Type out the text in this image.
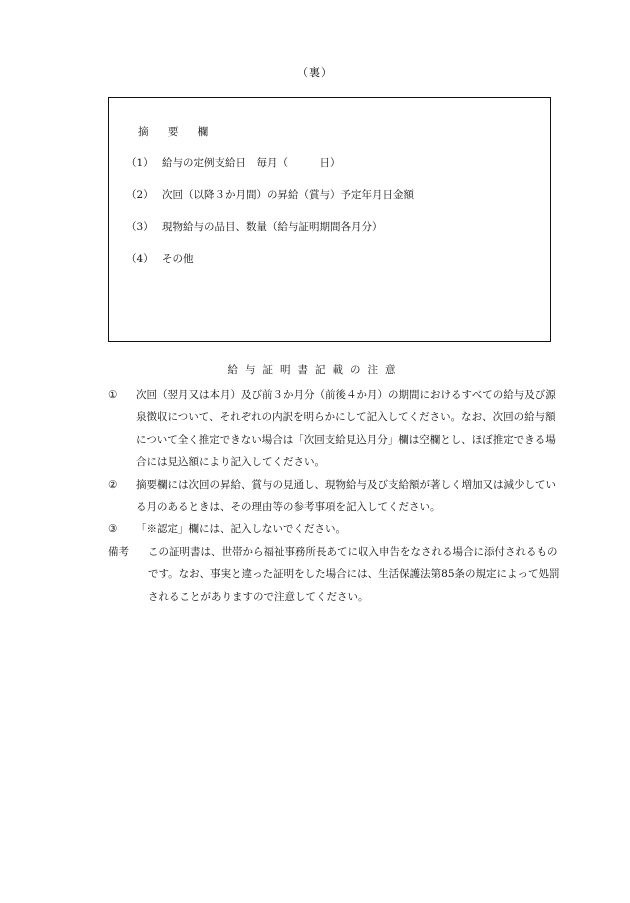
（裏）
摘 要 欄
（1） 給与の定例支給日　毎月（　　　日）
（2） 次回（以降３か月間）の昇給（賞与）予定年月日金額
（3） 現物給与の品目、数量（給与証明期間各月分）
（4） その他
給与証明書記載の注意
①	次回（翌月又は本月）及び前３か月分（前後４か月）の期間におけるすべての給与及び源泉徴収について、それぞれの内訳を明らかにして記入してください。なお、次回の給与額について全く推定できない場合は「次回支給見込月分」欄は空欄とし、ほぼ推定できる場合には見込額により記入してください。
②	摘要欄には次回の昇給、賞与の見通し、現物給与及び支給額が著しく増加又は減少している月のあるときは、その理由等の参考事項を記入してください。
③	「※認定」欄には、記入しないでください。
備考	この証明書は、世帯から福祉事務所長あてに収入申告をなされる場合に添付されるものです。なお、事実と違った証明をした場合には、生活保護法第85条の規定によって処罰されることがありますので注意してください。
